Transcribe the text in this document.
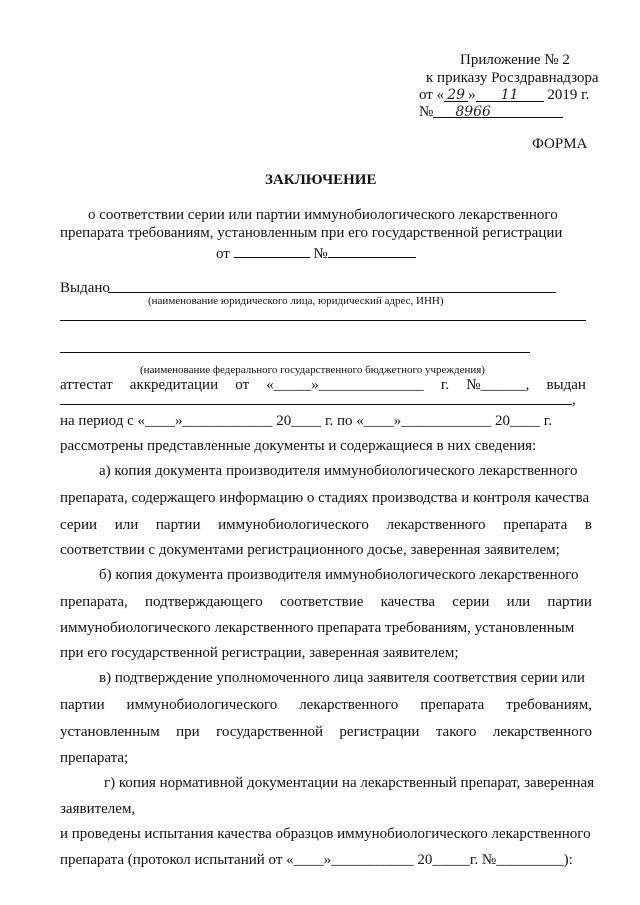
Приложение № 2
к приказу Росздравнадзора
от « 29 » 11 2019 г.
№ 8966
ФОРМА
ЗАКЛЮЧЕНИЕ
о соответствии серии или партии иммунобиологического лекарственного
препарата требованиям, установленным при его государственной регистрации
от	№
Выдано
(наименование юридического лица, юридический адрес, ИНН)
(наименование федерального государственного бюджетного учреждения)
аттестат аккредитации от «_____»______________ г. №______, выдан
,
на период с «____»____________ 20____ г. по «____»____________ 20____ г.
рассмотрены представленные документы и содержащиеся в них сведения:
а) копия документа производителя иммунобиологического лекарственного
препарата, содержащего информацию о стадиях производства и контроля качества
серии или партии иммунобиологического лекарственного препарата в
соответствии с документами регистрационного досье, заверенная заявителем;
б) копия документа производителя иммунобиологического лекарственного
препарата, подтверждающего соответствие качества серии или партии
иммунобиологического лекарственного препарата требованиям, установленным
при его государственной регистрации, заверенная заявителем;
в) подтверждение уполномоченного лица заявителя соответствия серии или
партии иммунобиологического лекарственного препарата требованиям,
установленным при государственной регистрации такого лекарственного
препарата;
г) копия нормативной документации на лекарственный препарат, заверенная
заявителем,
и проведены испытания качества образцов иммунобиологического лекарственного
препарата (протокол испытаний от «____»___________ 20_____г. №_________):
